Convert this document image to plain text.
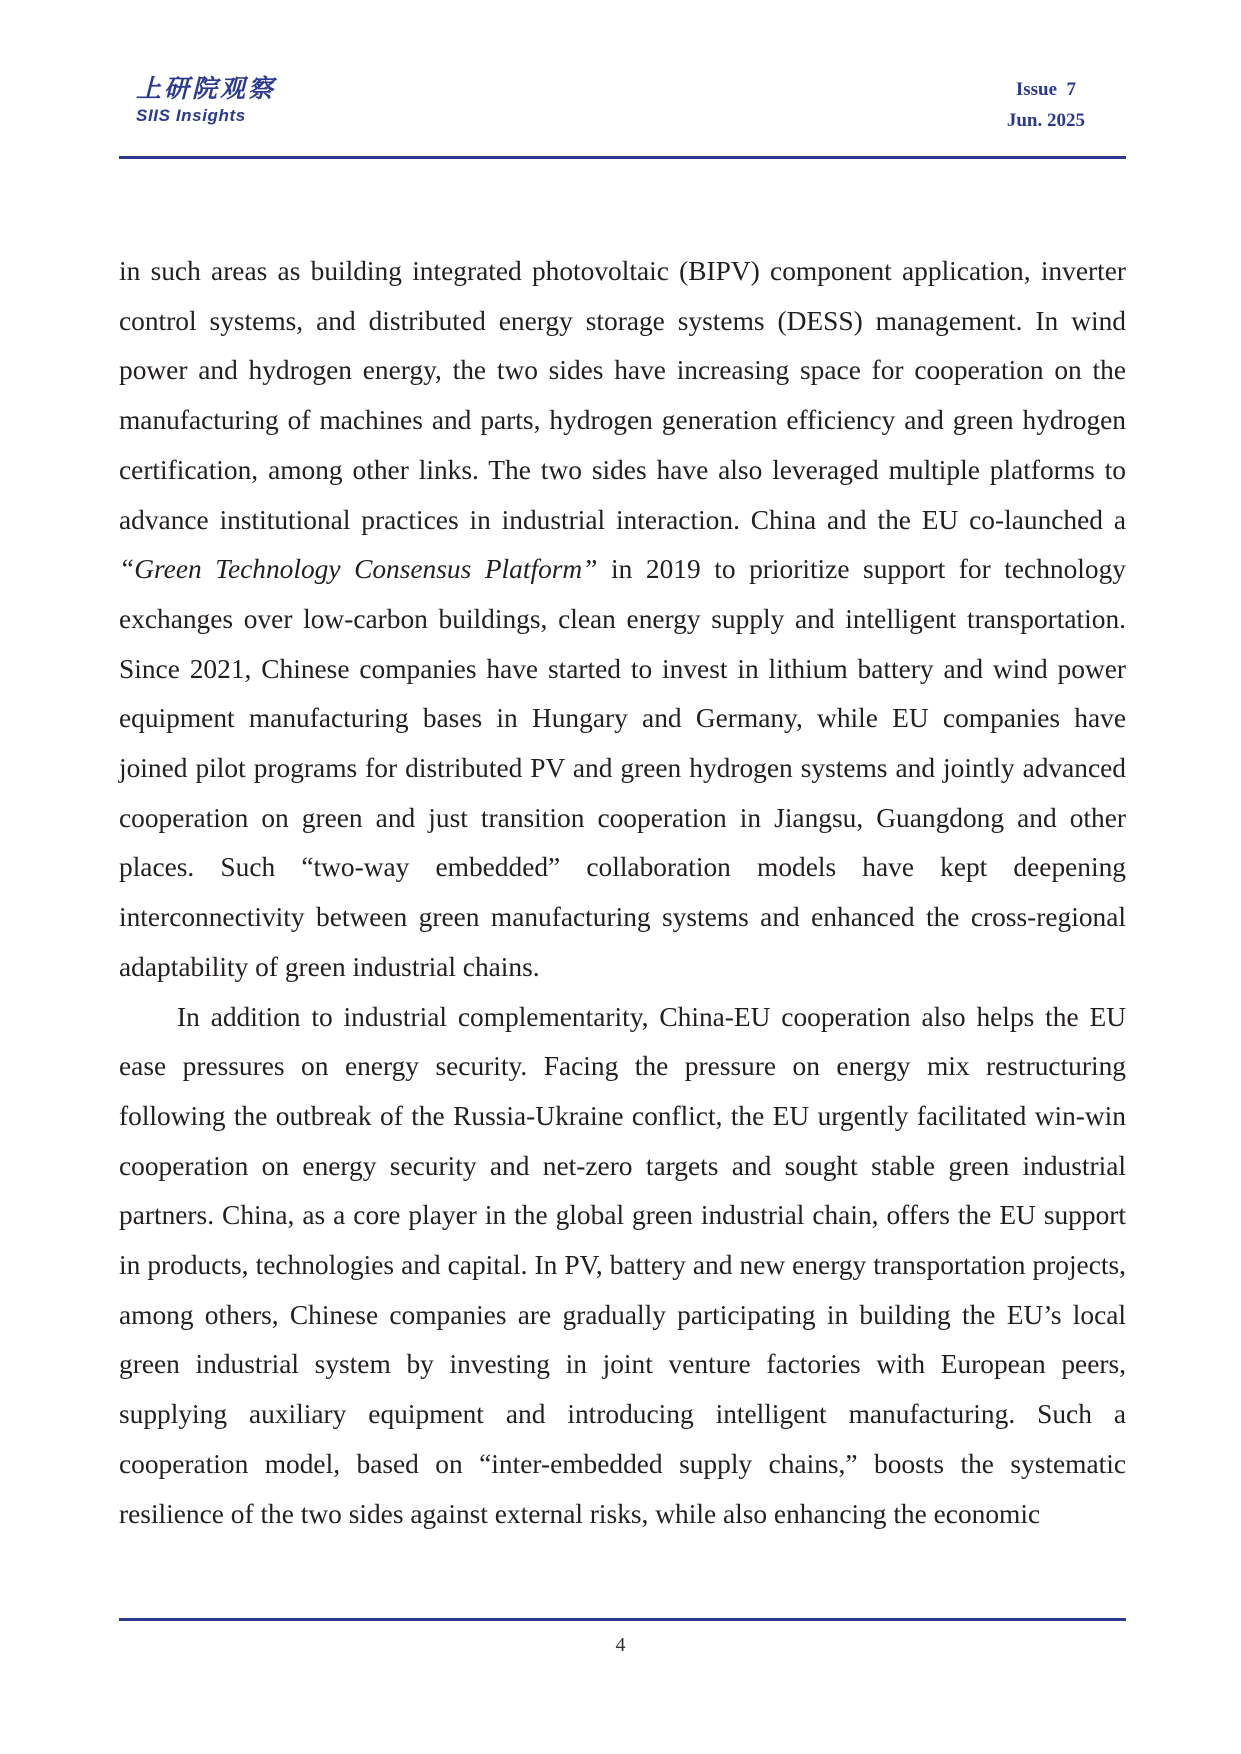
上研院观察
SIIS Insights
Issue  7
Jun. 2025

in such areas as building integrated photovoltaic (BIPV) component application, inverter control systems, and distributed energy storage systems (DESS) management. In wind power and hydrogen energy, the two sides have increasing space for cooperation on the manufacturing of machines and parts, hydrogen generation efficiency and green hydrogen certification, among other links. The two sides have also leveraged multiple platforms to advance institutional practices in industrial interaction. China and the EU co-launched a “Green Technology Consensus Platform” in 2019 to prioritize support for technology exchanges over low-carbon buildings, clean energy supply and intelligent transportation. Since 2021, Chinese companies have started to invest in lithium battery and wind power equipment manufacturing bases in Hungary and Germany, while EU companies have joined pilot programs for distributed PV and green hydrogen systems and jointly advanced cooperation on green and just transition cooperation in Jiangsu, Guangdong and other places. Such “two-way embedded” collaboration models have kept deepening interconnectivity between green manufacturing systems and enhanced the cross-regional adaptability of green industrial chains.

In addition to industrial complementarity, China-EU cooperation also helps the EU ease pressures on energy security. Facing the pressure on energy mix restructuring following the outbreak of the Russia-Ukraine conflict, the EU urgently facilitated win-win cooperation on energy security and net-zero targets and sought stable green industrial partners. China, as a core player in the global green industrial chain, offers the EU support in products, technologies and capital. In PV, battery and new energy transportation projects, among others, Chinese companies are gradually participating in building the EU’s local green industrial system by investing in joint venture factories with European peers, supplying auxiliary equipment and introducing intelligent manufacturing. Such a cooperation model, based on “inter-embedded supply chains,” boosts the systematic resilience of the two sides against external risks, while also enhancing the economic

4
